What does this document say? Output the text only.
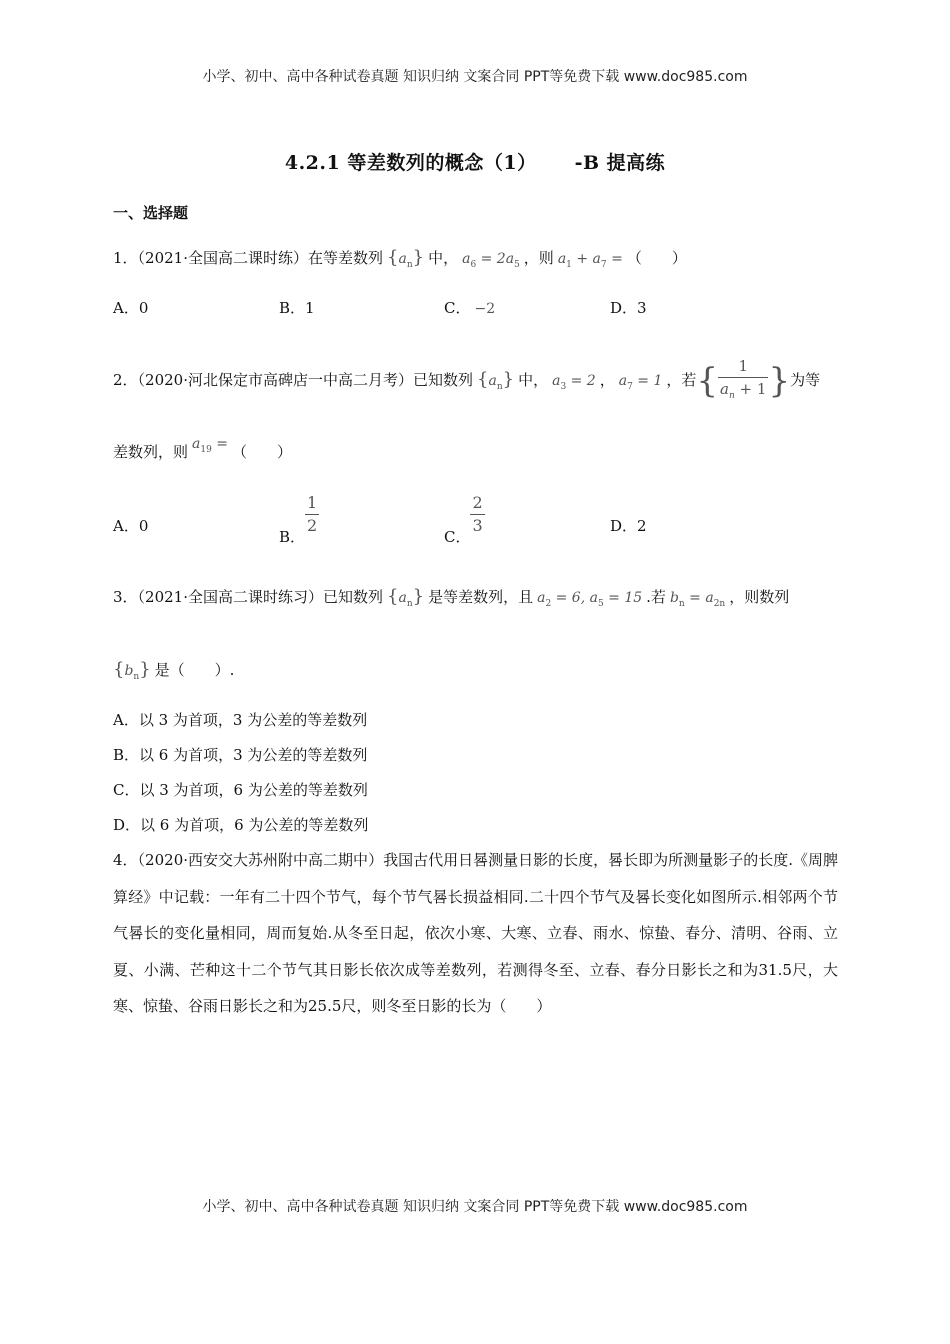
小学、初中、高中各种试卷真题 知识归纳 文案合同 PPT等免费下载 www.doc985.com
4.2.1 等差数列的概念（1） -B 提高练
一、选择题
1．（2021·全国高二课时练）在等差数列 $\{a_n\}$ 中， $a_6 = 2a_5$ ，则 $a_1 + a_7$ = （　　）
A．0	B．1	C． −2	D．3
2．（2020·河北保定市高碑店一中高二月考）已知数列 $\{a_n\}$ 中， $a_3 = 2$ ， $a_7 = 1$ ，若{ $\frac{1}{a_n + 1}$ }为等
差数列，则 $a_{19}$ = （　　）
A．0
B． $\frac{1}{2}$	C． $\frac{2}{3}$	D．2
3．（2021·全国高二课时练习）已知数列 $\{a_n\}$ 是等差数列，且 $a_2 = 6$, $a_5 = 15$ .若 $b_n = a_{2n}$ ，则数列
$\{b_n\}$ 是（　　）.
A．以 3 为首项，3 为公差的等差数列
B．以 6 为首项，3 为公差的等差数列
C．以 3 为首项，6 为公差的等差数列
D．以 6 为首项，6 为公差的等差数列
4．（2020·西安交大苏州附中高二期中）我国古代用日晷测量日影的长度，晷长即为所测量影子的长度.《周脾算经》中记载：一年有二十四个节气，每个节气晷长损益相同.二十四个节气及晷长变化如图所示.相邻两个节气晷长的变化量相同，周而复始.从冬至日起，依次小寒、大寒、立春、雨水、惊蛰、春分、清明、谷雨、立夏、小满、芒种这十二个节气其日影长依次成等差数列，若测得冬至、立春、春分日影长之和为31.5尺，大寒、惊蛰、谷雨日影长之和为25.5尺，则冬至日影的长为（　　）
小学、初中、高中各种试卷真题 知识归纳 文案合同 PPT等免费下载 www.doc985.com
